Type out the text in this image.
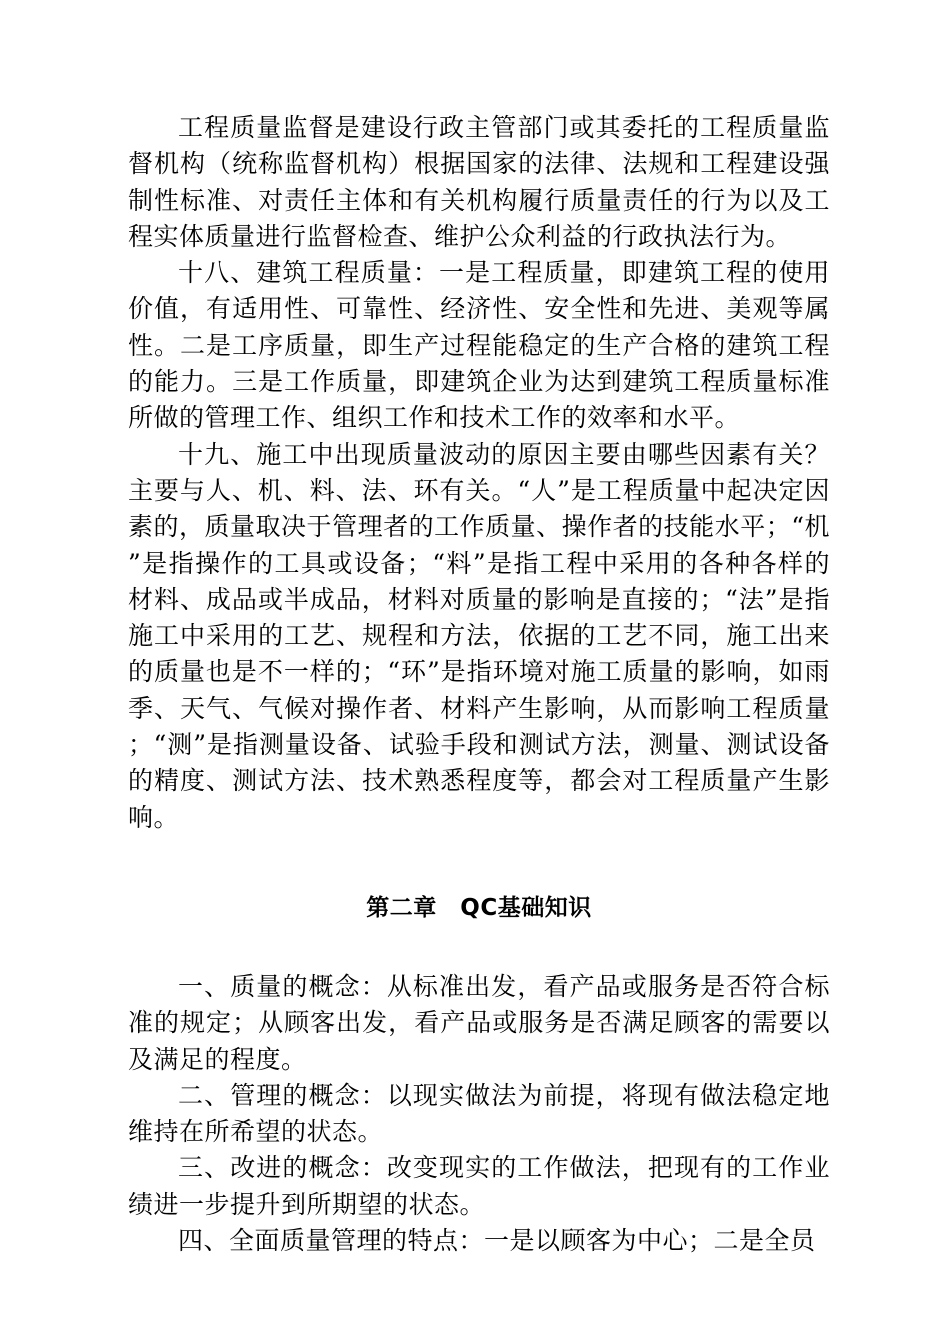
工程质量监督是建设行政主管部门或其委托的工程质量监督机构（统称监督机构）根据国家的法律、法规和工程建设强制性标准、对责任主体和有关机构履行质量责任的行为以及工程实体质量进行监督检查、维护公众利益的行政执法行为。

十八、建筑工程质量：一是工程质量，即建筑工程的使用价值，有适用性、可靠性、经济性、安全性和先进、美观等属性。二是工序质量，即生产过程能稳定的生产合格的建筑工程的能力。三是工作质量，即建筑企业为达到建筑工程质量标准所做的管理工作、组织工作和技术工作的效率和水平。

十九、施工中出现质量波动的原因主要由哪些因素有关？主要与人、机、料、法、环有关。“人”是工程质量中起决定因素的，质量取决于管理者的工作质量、操作者的技能水平；“机”是指操作的工具或设备；“料”是指工程中采用的各种各样的材料、成品或半成品，材料对质量的影响是直接的；“法”是指施工中采用的工艺、规程和方法，依据的工艺不同，施工出来的质量也是不一样的；“环”是指环境对施工质量的影响，如雨季、天气、气候对操作者、材料产生影响，从而影响工程质量；“测”是指测量设备、试验手段和测试方法，测量、测试设备的精度、测试方法、技术熟悉程度等，都会对工程质量产生影响。

第二章　QC基础知识

一、质量的概念：从标准出发，看产品或服务是否符合标准的规定；从顾客出发，看产品或服务是否满足顾客的需要以及满足的程度。

二、管理的概念：以现实做法为前提，将现有做法稳定地维持在所希望的状态。

三、改进的概念：改变现实的工作做法，把现有的工作业绩进一步提升到所期望的状态。

四、全面质量管理的特点：一是以顾客为中心；二是全员
